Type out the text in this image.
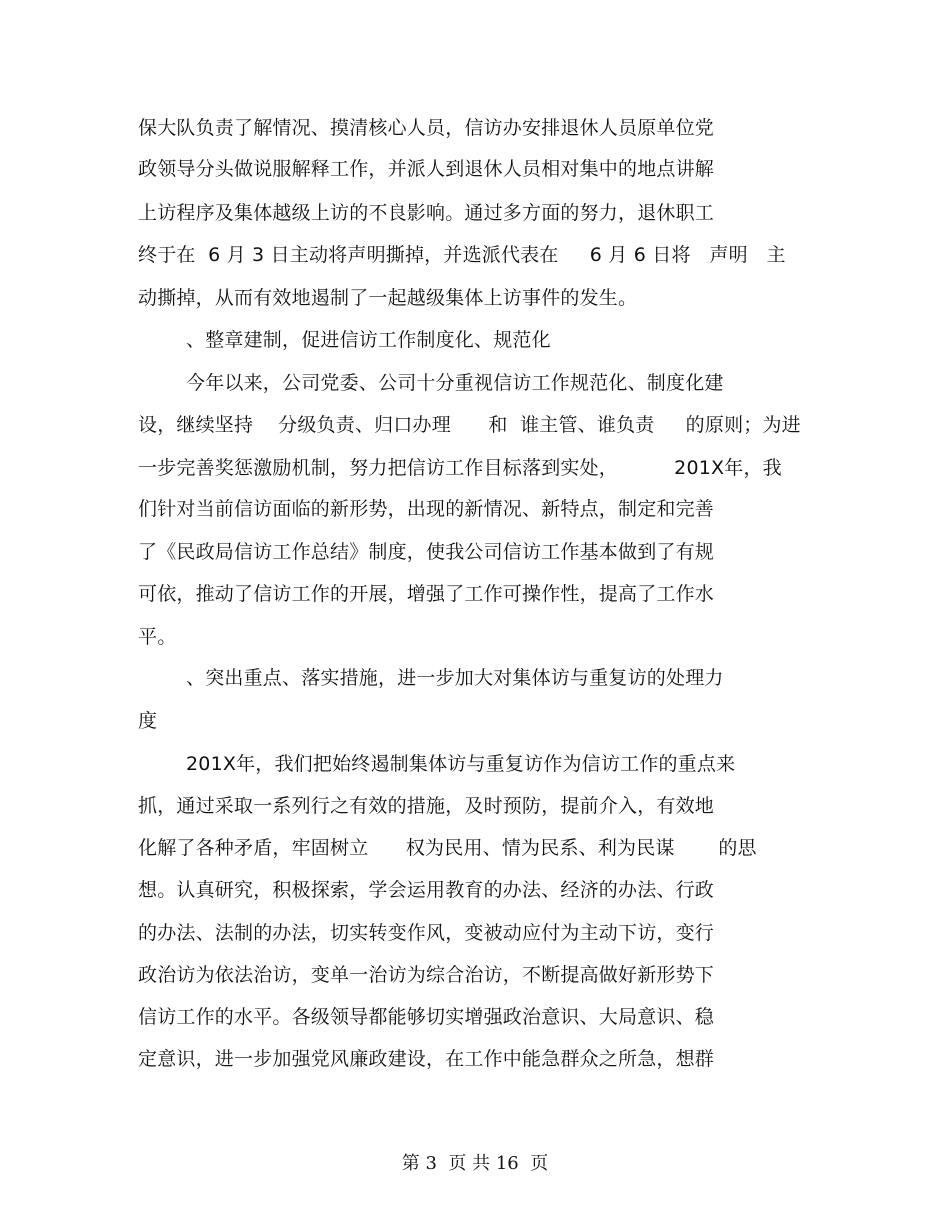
保大队负责了解情况、摸清核心人员，信访办安排退休人员原单位党
政领导分头做说服解释工作，并派人到退休人员相对集中的地点讲解
上访程序及集体越级上访的不良影响。通过多方面的努力，退休职工
终于在  6 月 3 日主动将声明撕掉，并选派代表在     6 月 6 日将   声明   主
动撕掉，从而有效地遏制了一起越级集体上访事件的发生。
、整章建制，促进信访工作制度化、规范化
今年以来，公司党委、公司十分重视信访工作规范化、制度化建
设，继续坚持    分级负责、归口办理      和  谁主管、谁负责     的原则；为进
一步完善奖惩激励机制，努力把信访工作目标落到实处，         201X年，我
们针对当前信访面临的新形势，出现的新情况、新特点，制定和完善
了《民政局信访工作总结》制度，使我公司信访工作基本做到了有规
可依，推动了信访工作的开展，增强了工作可操作性，提高了工作水
平。
、突出重点、落实措施，进一步加大对集体访与重复访的处理力
度
201X年，我们把始终遏制集体访与重复访作为信访工作的重点来
抓，通过采取一系列行之有效的措施，及时预防，提前介入，有效地
化解了各种矛盾，牢固树立      权为民用、情为民系、利为民谋       的思
想。认真研究，积极探索，学会运用教育的办法、经济的办法、行政
的办法、法制的办法，切实转变作风，变被动应付为主动下访，变行
政治访为依法治访，变单一治访为综合治访，不断提高做好新形势下
信访工作的水平。各级领导都能够切实增强政治意识、大局意识、稳
定意识，进一步加强党风廉政建设，在工作中能急群众之所急，想群
第 3  页 共 16  页
